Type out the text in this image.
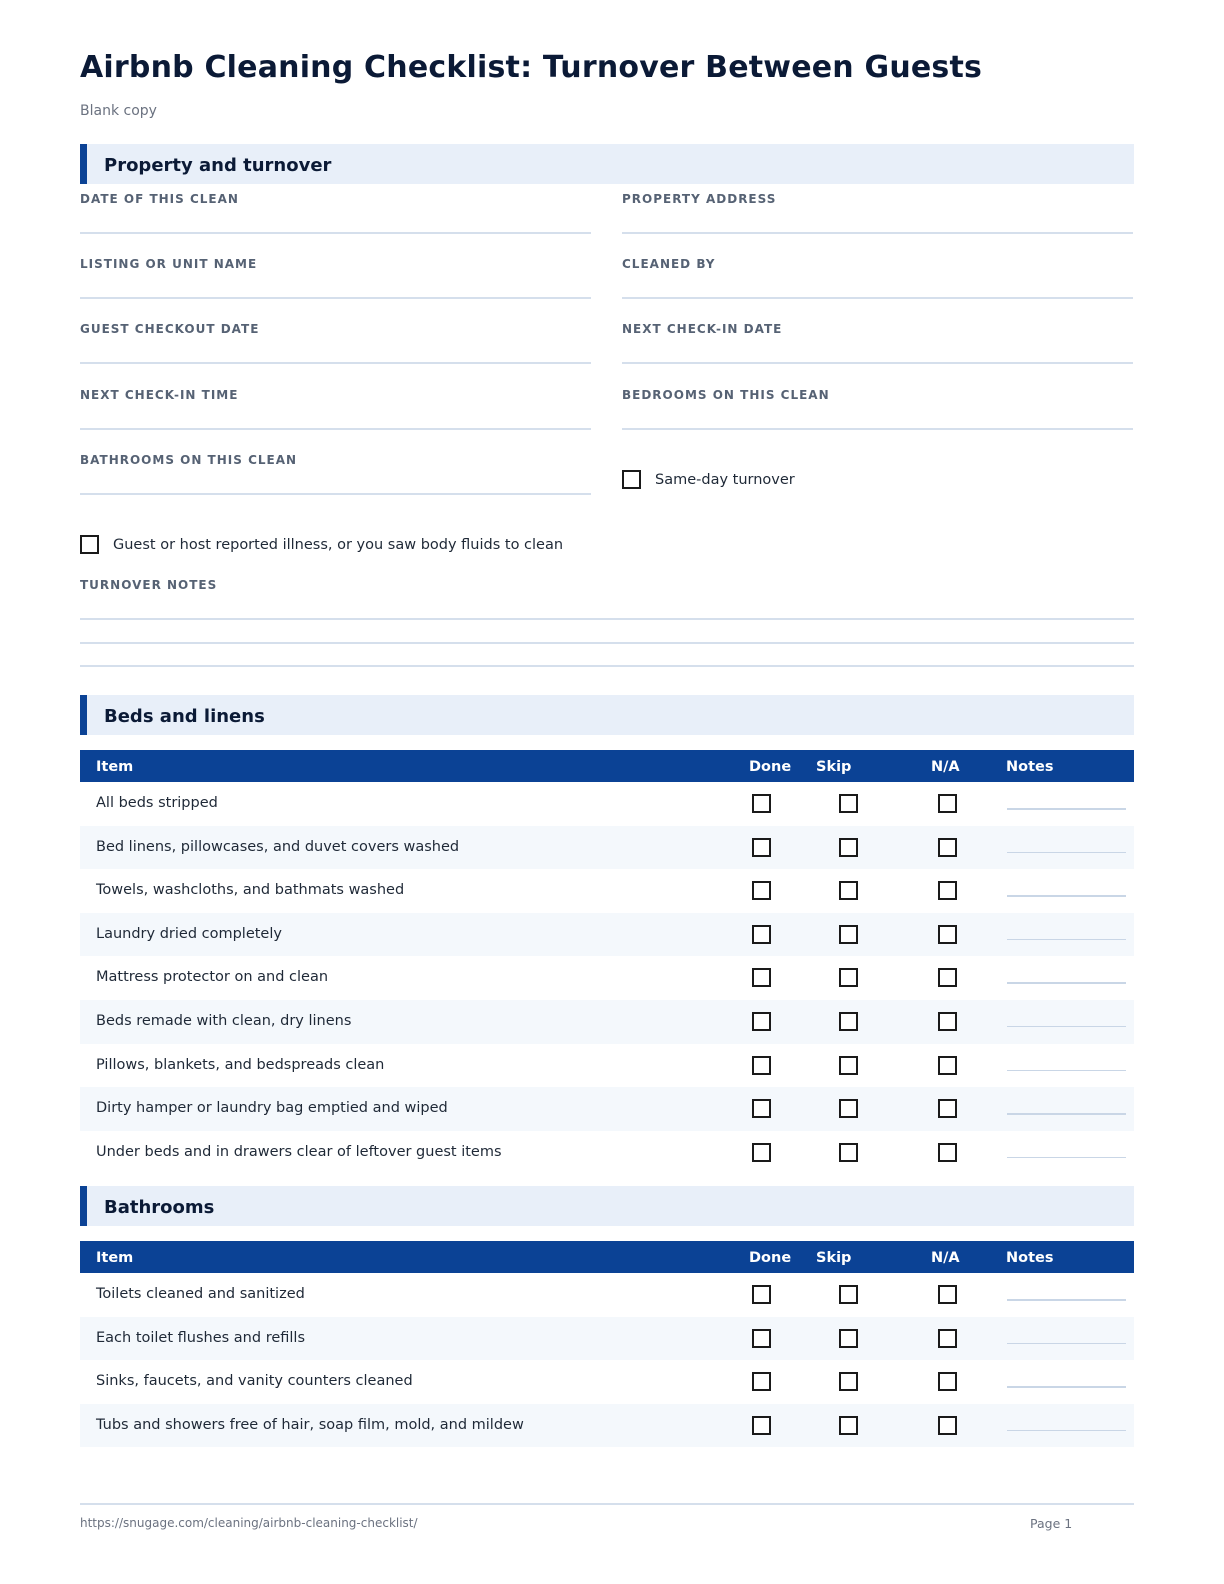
Airbnb Cleaning Checklist: Turnover Between Guests
Blank copy
Property and turnover
DATE OF THIS CLEAN	PROPERTY ADDRESS
LISTING OR UNIT NAME	CLEANED BY
GUEST CHECKOUT DATE	NEXT CHECK-IN DATE
NEXT CHECK-IN TIME	BEDROOMS ON THIS CLEAN
BATHROOMS ON THIS CLEAN
Same-day turnover
Guest or host reported illness, or you saw body fluids to clean
TURNOVER NOTES
Beds and linens
Item	Done Skip	N/A	Notes
All beds stripped
Bed linens, pillowcases, and duvet covers washed
Towels, washcloths, and bathmats washed
Laundry dried completely
Mattress protector on and clean
Beds remade with clean, dry linens
Pillows, blankets, and bedspreads clean
Dirty hamper or laundry bag emptied and wiped
Under beds and in drawers clear of leftover guest items
Bathrooms
Item	Done Skip	N/A	Notes
Toilets cleaned and sanitized
Each toilet flushes and refills
Sinks, faucets, and vanity counters cleaned
Tubs and showers free of hair, soap film, mold, and mildew
https://snugage.com/cleaning/airbnb-cleaning-checklist/	Page 1
